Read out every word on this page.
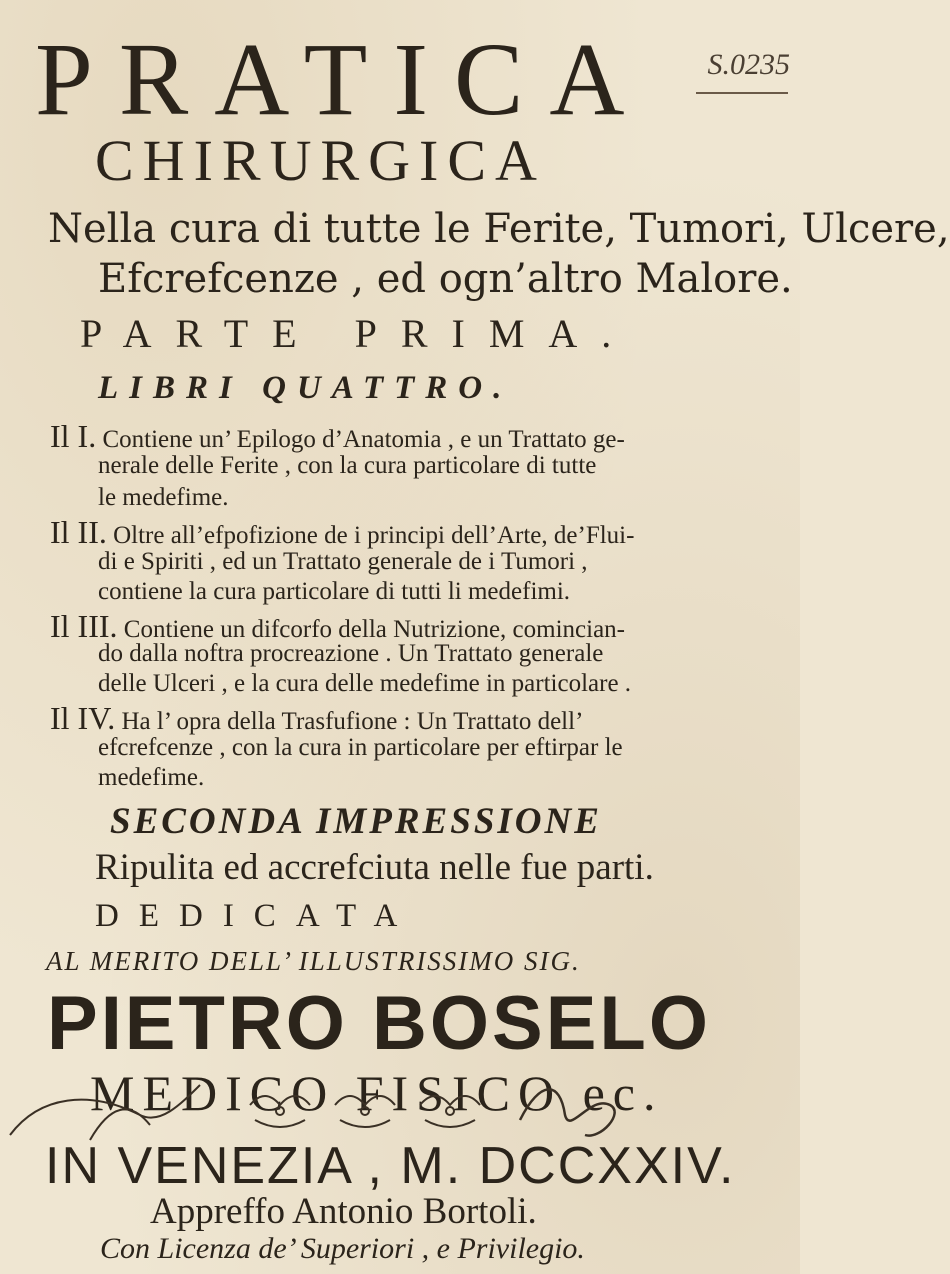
PRATICA S.0235
CHIRURGICA
Nella cura di tutte le Ferite, Tumori, Ulcere,
Efcrefcenze , ed ogn’altro Malore.
PARTE PRIMA.
LIBRI QUATTRO.
Il I. Contiene un’ Epilogo d’Anatomia , e un Trattato ge-
nerale delle Ferite , con la cura particolare di tutte
le medefime.
Il II. Oltre all’efpofizione de i principi dell’Arte, de’Flui-
di e Spiriti , ed un Trattato generale de i Tumori ,
contiene la cura particolare di tutti li medefimi.
Il III. Contiene un difcorfo della Nutrizione, comincian-
do dalla noftra procreazione . Un Trattato generale
delle Ulceri , e la cura delle medefime in particolare .
Il IV. Ha l’ opra della Trasfufione : Un Trattato dell’
efcrefcenze , con la cura in particolare per eftirpar le
medefime.
SECONDA IMPRESSIONE
Ripulita ed accrefciuta nelle fue parti.
DEDICATA
AL MERITO DELL’ ILLUSTRISSIMO SIG.
PIETRO BOSELO
MEDICO FISICO ec.
IN VENEZIA , M. DCCXXIV.
Appreffo Antonio Bortoli.
Con Licenza de’ Superiori , e Privilegio.
